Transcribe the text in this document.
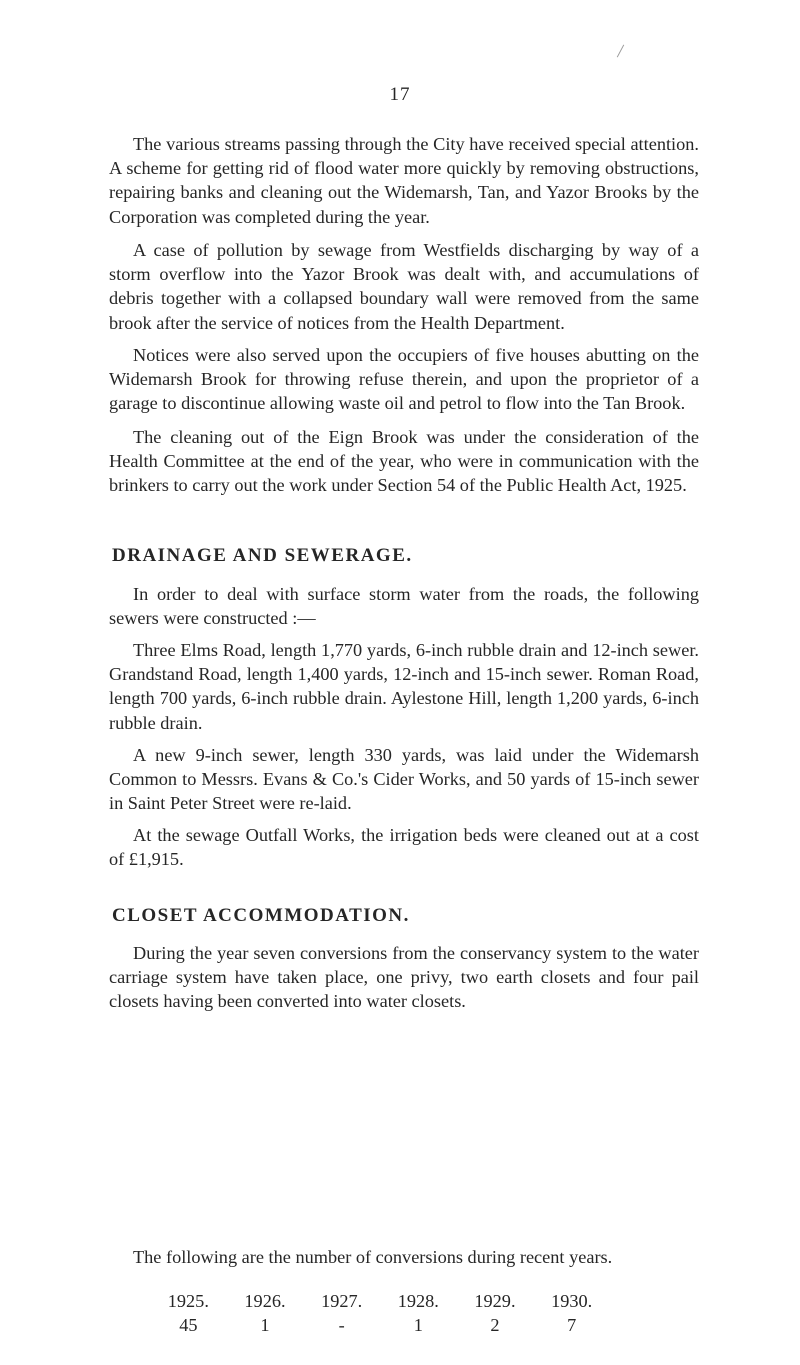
17

The various streams passing through the City have received special attention. A scheme for getting rid of flood water more quickly by removing obstructions, repairing banks and cleaning out the Widemarsh, Tan, and Yazor Brooks by the Corporation was completed during the year.

A case of pollution by sewage from Westfields discharging by way of a storm overflow into the Yazor Brook was dealt with, and accumulations of debris together with a collapsed boundary wall were removed from the same brook after the service of notices from the Health Department.

Notices were also served upon the occupiers of five houses abutting on the Widemarsh Brook for throwing refuse therein, and upon the proprietor of a garage to discontinue allowing waste oil and petrol to flow into the Tan Brook.

The cleaning out of the Eign Brook was under the consideration of the Health Committee at the end of the year, who were in communication with the brinkers to carry out the work under Section 54 of the Public Health Act, 1925.

DRAINAGE AND SEWERAGE.

In order to deal with surface storm water from the roads, the following sewers were constructed :—

Three Elms Road, length 1,770 yards, 6-inch rubble drain and 12-inch sewer. Grandstand Road, length 1,400 yards, 12-inch and 15-inch sewer. Roman Road, length 700 yards, 6-inch rubble drain. Aylestone Hill, length 1,200 yards, 6-inch rubble drain.

A new 9-inch sewer, length 330 yards, was laid under the Widemarsh Common to Messrs. Evans & Co.'s Cider Works, and 50 yards of 15-inch sewer in Saint Peter Street were re-laid.

At the sewage Outfall Works, the irrigation beds were cleaned out at a cost of £1,915.

CLOSET ACCOMMODATION.

During the year seven conversions from the conservancy system to the water carriage system have taken place, one privy, two earth closets and four pail closets having been converted into water closets.

The following are the number of conversions during recent years.

1925.	1926.	1927.	1928.	1929.	1930.
45	1	-	1	2	7
